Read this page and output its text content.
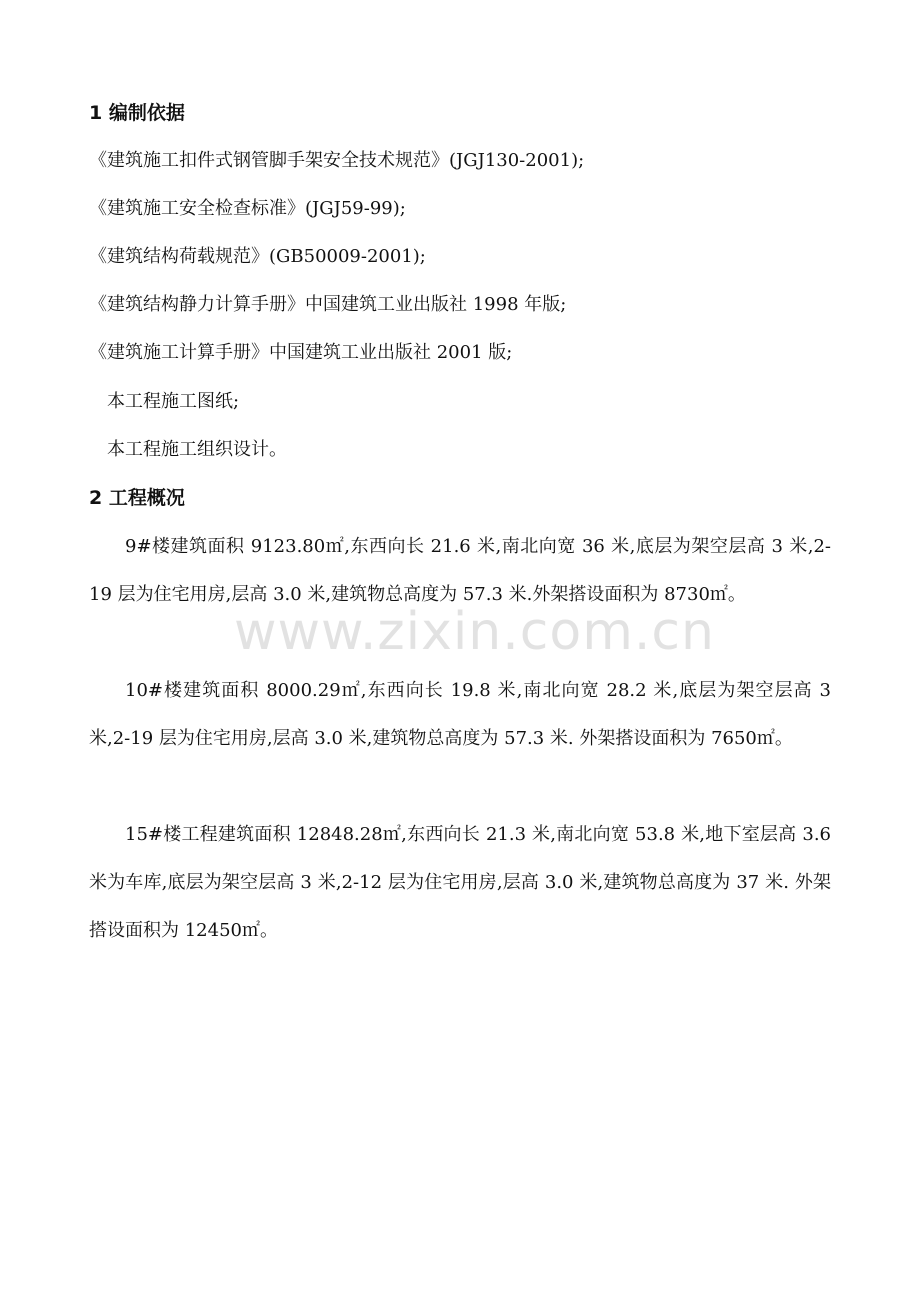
www.zixin.com.cn
1 编制依据
《建筑施工扣件式钢管脚手架安全技术规范》(JGJ130-2001);
《建筑施工安全检查标准》(JGJ59-99);
《建筑结构荷载规范》(GB50009-2001);
《建筑结构静力计算手册》中国建筑工业出版社 1998 年版;
《建筑施工计算手册》中国建筑工业出版社 2001 版;
本工程施工图纸;
本工程施工组织设计。
2 工程概况

9#楼建筑面积 9123.80㎡,东西向长 21.6 米,南北向宽 36 米,底层为架空层高 3 米,2-19 层为住宅用房,层高 3.0 米,建筑物总高度为 57.3 米.外架搭设面积为 8730㎡。

10#楼建筑面积 8000.29㎡,东西向长 19.8 米,南北向宽 28.2 米,底层为架空层高 3 米,2-19 层为住宅用房,层高 3.0 米,建筑物总高度为 57.3 米. 外架搭设面积为 7650㎡。

15#楼工程建筑面积 12848.28㎡,东西向长 21.3 米,南北向宽 53.8 米,地下室层高 3.6 米为车库,底层为架空层高 3 米,2-12 层为住宅用房,层高 3.0 米,建筑物总高度为 37 米. 外架搭设面积为 12450㎡。
